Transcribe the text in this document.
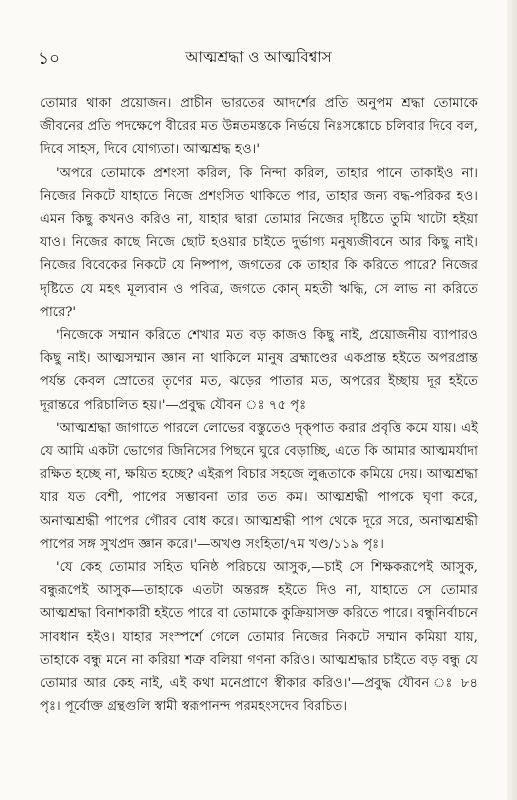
১০	আত্মশ্রদ্ধা ও আত্মবিশ্বাস

তোমার থাকা প্রয়োজন। প্রাচীন ভারতের আদর্শের প্রতি অনুপম শ্রদ্ধা তোমাকে জীবনের প্রতি পদক্ষেপে বীরের মত উন্নতমস্তকে নির্ভয়ে নিঃসঙ্কোচে চলিবার দিবে বল, দিবে সাহস, দিবে যোগ্যতা। আত্মশ্রদ্ধ হও।'

'অপরে তোমাকে প্রশংসা করিল, কি নিন্দা করিল, তাহার পানে তাকাইও না। নিজের নিকটে যাহাতে নিজে প্রশংসিত থাকিতে পার, তাহার জন্য বদ্ধ-পরিকর হও। এমন কিছু কখনও করিও না, যাহার দ্বারা তোমার নিজের দৃষ্টিতে তুমি খাটো হইয়া যাও। নিজের কাছে নিজে ছোট হওয়ার চাইতে দুর্ভাগ্য মনুষ্যজীবনে আর কিছু নাই। নিজের বিবেকের নিকটে যে নিষ্পাপ, জগতের কে তাহার কি করিতে পারে? নিজের দৃষ্টিতে যে মহৎ মূল্যবান ও পবিত্র, জগতে কোন্ মহতী ঋদ্ধি, সে লাভ না করিতে পারে?'

'নিজেকে সম্মান করিতে শেখার মত বড় কাজও কিছু নাই, প্রয়োজনীয় ব্যাপারও কিছু নাই। আত্মসম্মান জ্ঞান না থাকিলে মানুষ ব্রহ্মাণ্ডের একপ্রান্ত হইতে অপরপ্রান্ত পর্যন্ত কেবল স্রোতের তৃণের মত, ঝড়ের পাতার মত, অপরের ইচ্ছায় দূর হইতে দূরান্তরে পরিচালিত হয়।'—প্রবুদ্ধ যৌবন ঃ ৭৫ পৃঃ

'আত্মশ্রদ্ধা জাগাতে পারলে লোভের বস্তুতেও দৃক্‌পাত করার প্রবৃত্তি কমে যায়। এই যে আমি একটা ভোগের জিনিসের পিছনে ঘুরে বেড়াচ্ছি, এতে কি আমার আত্মমর্যাদা রক্ষিত হচ্ছে না, ক্ষয়িত হচ্ছে? এইরূপ বিচার সহজে লুব্ধতাকে কমিয়ে দেয়। আত্মশ্রদ্ধা যার যত বেশী, পাপের সম্ভাবনা তার তত কম। আত্মশ্রদ্ধী পাপকে ঘৃণা করে, অনাত্মশ্রদ্ধী পাপের গৌরব বোধ করে। আত্মশ্রদ্ধী পাপ থেকে দূরে সরে, অনাত্মশ্রদ্ধী পাপের সঙ্গ সুখপ্রদ জ্ঞান করে।'—অখণ্ড সংহিতা/৭ম খণ্ড/১১৯ পৃঃ।

'যে কেহ তোমার সহিত ঘনিষ্ঠ পরিচয়ে আসুক,—চাই সে শিক্ষকরূপেই আসুক, বন্ধুরূপেই আসুক—তাহাকে এতটা অন্তরঙ্গ হইতে দিও না, যাহাতে সে তোমার আত্মশ্রদ্ধা বিনাশকারী হইতে পারে বা তোমাকে কুক্রিয়াসক্ত করিতে পারে। বন্ধুনির্বাচনে সাবধান হইও। যাহার সংস্পর্শে গেলে তোমার নিজের নিকটে সম্মান কমিয়া যায়, তাহাকে বন্ধু মনে না করিয়া শত্রু বলিয়া গণনা করিও। আত্মশ্রদ্ধার চাইতে বড় বন্ধু যে তোমার আর কেহ নাই, এই কথা মনেপ্রাণে স্বীকার করিও।'—প্রবুদ্ধ যৌবন ঃ ৮৪ পৃঃ। পূর্বোক্ত গ্রন্থগুলি স্বামী স্বরূপানন্দ পরমহংসদেব বিরচিত।
